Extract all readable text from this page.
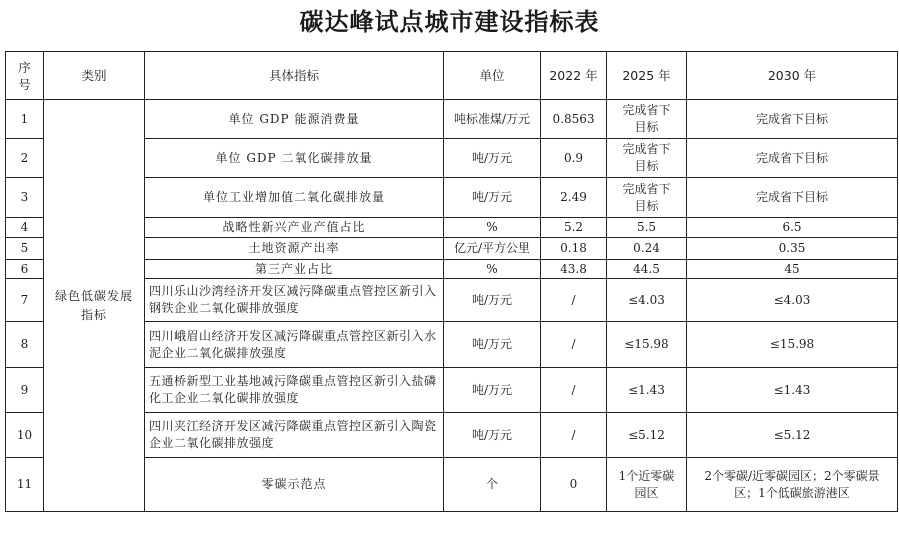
碳达峰试点城市建设指标表
序号	类别	具体指标	单位	2022 年	2025 年	2030 年
1	绿色低碳发展指标	单位 GDP 能源消费量	吨标准煤/万元	0.8563	完成省下目标	完成省下目标
2		单位 GDP 二氧化碳排放量	吨/万元	0.9	完成省下目标	完成省下目标
3		单位工业增加值二氧化碳排放量	吨/万元	2.49	完成省下目标	完成省下目标
4		战略性新兴产业产值占比	%	5.2	5.5	6.5
5		土地资源产出率	亿元/平方公里	0.18	0.24	0.35
6		第三产业占比	%	43.8	44.5	45
7		四川乐山沙湾经济开发区减污降碳重点管控区新引入钢铁企业二氧化碳排放强度	吨/万元	/	≤4.03	≤4.03
8		四川峨眉山经济开发区减污降碳重点管控区新引入水泥企业二氧化碳排放强度	吨/万元	/	≤15.98	≤15.98
9		五通桥新型工业基地减污降碳重点管控区新引入盐磷化工企业二氧化碳排放强度	吨/万元	/	≤1.43	≤1.43
10		四川夹江经济开发区减污降碳重点管控区新引入陶瓷企业二氧化碳排放强度	吨/万元	/	≤5.12	≤5.12
11		零碳示范点	个	0	1个近零碳园区	2个零碳/近零碳园区；2个零碳景区；1个低碳旅游港区
